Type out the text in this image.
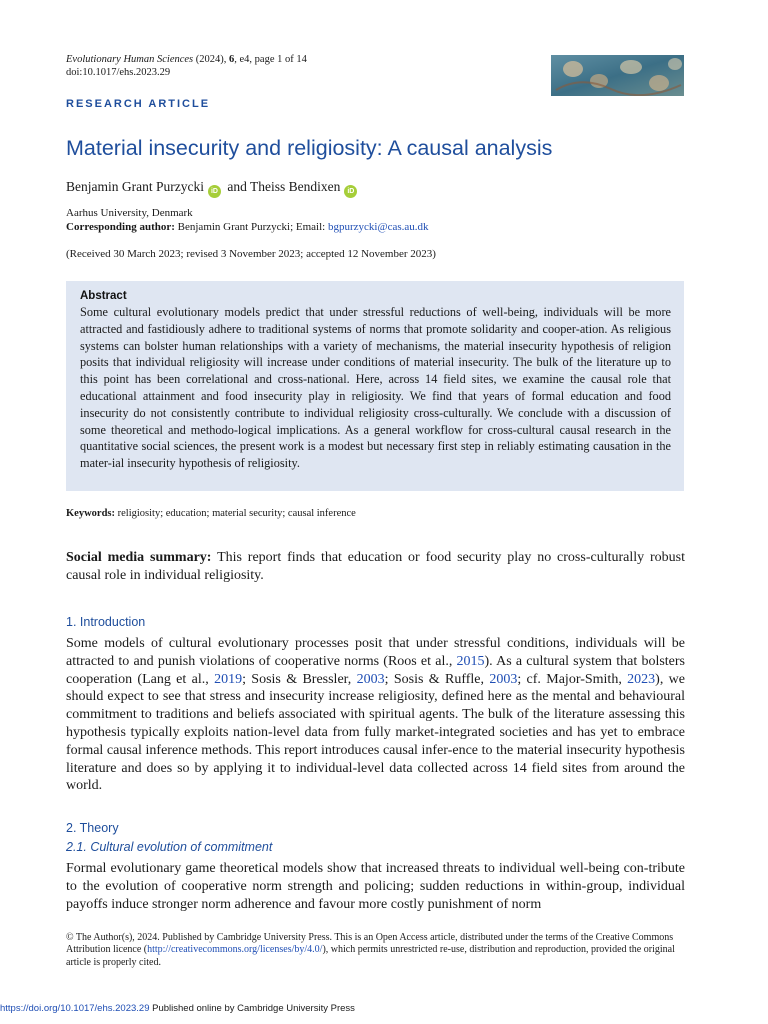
Evolutionary Human Sciences (2024), 6, e4, page 1 of 14
doi:10.1017/ehs.2023.29
RESEARCH ARTICLE
Material insecurity and religiosity: A causal analysis
Benjamin Grant Purzycki iD and Theiss Bendixen iD
Aarhus University, Denmark
Corresponding author: Benjamin Grant Purzycki; Email: bgpurzycki@cas.au.dk
(Received 30 March 2023; revised 3 November 2023; accepted 12 November 2023)
Abstract
Some cultural evolutionary models predict that under stressful reductions of well-being, individuals will be more attracted and fastidiously adhere to traditional systems of norms that promote solidarity and cooper-ation. As religious systems can bolster human relationships with a variety of mechanisms, the material insecurity hypothesis of religion posits that individual religiosity will increase under conditions of material insecurity. The bulk of the literature up to this point has been correlational and cross-national. Here, across 14 field sites, we examine the causal role that educational attainment and food insecurity play in religiosity. We find that years of formal education and food insecurity do not consistently contribute to individual religiosity cross-culturally. We conclude with a discussion of some theoretical and methodo-logical implications. As a general workflow for cross-cultural causal research in the quantitative social sciences, the present work is a modest but necessary first step in reliably estimating causation in the mater-ial insecurity hypothesis of religiosity.
Keywords: religiosity; education; material security; causal inference
Social media summary: This report finds that education or food security play no cross-culturally robust causal role in individual religiosity.
1. Introduction
Some models of cultural evolutionary processes posit that under stressful conditions, individuals will be attracted to and punish violations of cooperative norms (Roos et al., 2015). As a cultural system that bolsters cooperation (Lang et al., 2019; Sosis & Bressler, 2003; Sosis & Ruffle, 2003; cf. Major-Smith, 2023), we should expect to see that stress and insecurity increase religiosity, defined here as the mental and behavioural commitment to traditions and beliefs associated with spiritual agents. The bulk of the literature assessing this hypothesis typically exploits nation-level data from fully market-integrated societies and has yet to embrace formal causal inference methods. This report introduces causal infer-ence to the material insecurity hypothesis literature and does so by applying it to individual-level data collected across 14 field sites from around the world.
2. Theory
2.1. Cultural evolution of commitment
Formal evolutionary game theoretical models show that increased threats to individual well-being con-tribute to the evolution of cooperative norm strength and policing; sudden reductions in within-group, individual payoffs induce stronger norm adherence and favour more costly punishment of norm
© The Author(s), 2024. Published by Cambridge University Press. This is an Open Access article, distributed under the terms of the Creative Commons Attribution licence (http://creativecommons.org/licenses/by/4.0/), which permits unrestricted re-use, distribution and reproduction, provided the original article is properly cited.
https://doi.org/10.1017/ehs.2023.29 Published online by Cambridge University Press
